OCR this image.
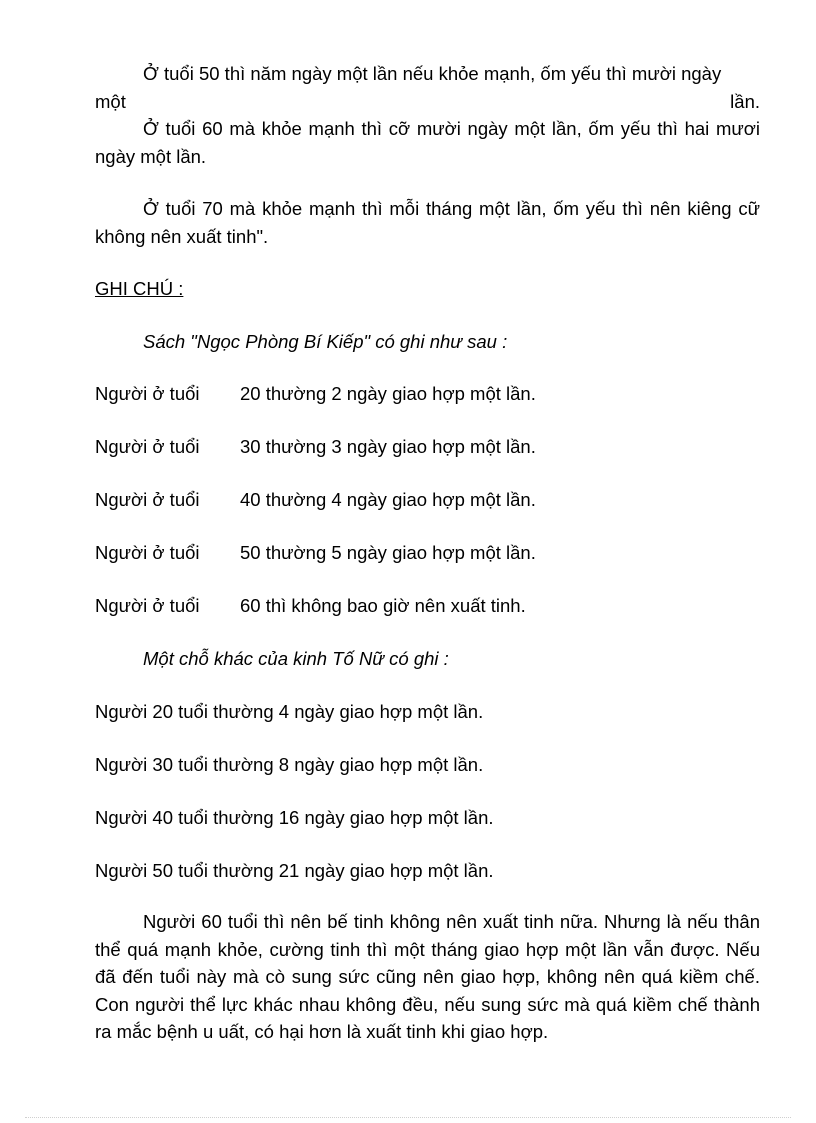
Ở tuổi 50 thì năm ngày một lần nếu khỏe mạnh, ốm yếu thì mười ngày
một	lần.

Ở tuổi 60 mà khỏe mạnh thì cỡ mười ngày một lần, ốm yếu thì hai mươi ngày một lần.

Ở tuổi 70 mà khỏe mạnh thì mỗi tháng một lần, ốm yếu thì nên kiêng cữ không nên xuất tinh".

GHI CHÚ :
Sách "Ngọc Phòng Bí Kiếp" có ghi như sau :
Người ở tuổi 20 thường 2 ngày giao hợp một lần.
Người ở tuổi 30 thường 3 ngày giao hợp một lần.
Người ở tuổi 40 thường 4 ngày giao hợp một lần.
Người ở tuổi 50 thường 5 ngày giao hợp một lần.
Người ở tuổi 60 thì không bao giờ nên xuất tinh.
Một chỗ khác của kinh Tố Nữ có ghi :
Người 20 tuổi thường 4 ngày giao hợp một lần.
Người 30 tuổi thường 8 ngày giao hợp một lần.
Người 40 tuổi thường 16 ngày giao hợp một lần.
Người 50 tuổi thường 21 ngày giao hợp một lần.

Người 60 tuổi thì nên bế tinh không nên xuất tinh nữa. Nhưng là nếu thân thể quá mạnh khỏe, cường tinh thì một tháng giao hợp một lần vẫn được. Nếu đã đến tuổi này mà cò sung sức cũng nên giao hợp, không nên quá kiềm chế. Con người thể lực khác nhau không đều, nếu sung sức mà quá kiềm chế thành ra mắc bệnh u uất, có hại hơn là xuất tinh khi giao hợp.
